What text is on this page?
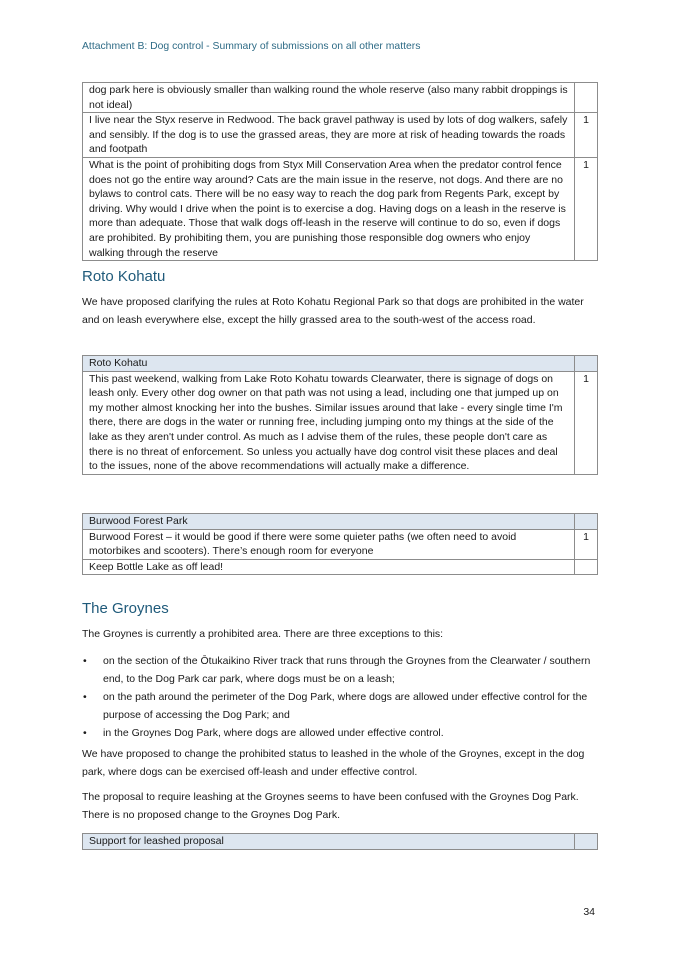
Attachment B: Dog control - Summary of submissions on all other matters
dog park here is obviously smaller than walking round the whole reserve (also many rabbit droppings is not ideal)	
I live near the Styx reserve in Redwood. The back gravel pathway is used by lots of dog walkers, safely and sensibly. If the dog is to use the grassed areas, they are more at risk of heading towards the roads and footpath	1
What is the point of prohibiting dogs from Styx Mill Conservation Area when the predator control fence does not go the entire way around? Cats are the main issue in the reserve, not dogs. And there are no bylaws to control cats. There will be no easy way to reach the dog park from Regents Park, except by driving. Why would I drive when the point is to exercise a dog. Having dogs on a leash in the reserve is more than adequate. Those that walk dogs off-leash in the reserve will continue to do so, even if dogs are prohibited. By prohibiting them, you are punishing those responsible dog owners who enjoy walking through the reserve	1
Roto Kohatu

We have proposed clarifying the rules at Roto Kohatu Regional Park so that dogs are prohibited in the water and on leash everywhere else, except the hilly grassed area to the south-west of the access road.

Roto Kohatu	
This past weekend, walking from Lake Roto Kohatu towards Clearwater, there is signage of dogs on leash only. Every other dog owner on that path was not using a lead, including one that jumped up on my mother almost knocking her into the bushes. Similar issues around that lake - every single time I'm there, there are dogs in the water or running free, including jumping onto my things at the side of the lake as they aren't under control. As much as I advise them of the rules, these people don't care as there is no threat of enforcement. So unless you actually have dog control visit these places and deal to the issues, none of the above recommendations will actually make a difference.	1
Burwood Forest Park	
Burwood Forest – it would be good if there were some quieter paths (we often need to avoid motorbikes and scooters). There’s enough room for everyone	1
Keep Bottle Lake as off lead!	
The Groynes

The Groynes is currently a prohibited area. There are three exceptions to this:

• on the section of the Ōtukaikino River track that runs through the Groynes from the Clearwater / southern end, to the Dog Park car park, where dogs must be on a leash;
• on the path around the perimeter of the Dog Park, where dogs are allowed under effective control for the purpose of accessing the Dog Park; and
• in the Groynes Dog Park, where dogs are allowed under effective control.

We have proposed to change the prohibited status to leashed in the whole of the Groynes, except in the dog park, where dogs can be exercised off-leash and under effective control.

The proposal to require leashing at the Groynes seems to have been confused with the Groynes Dog Park. There is no proposed change to the Groynes Dog Park.

Support for leashed proposal	
34
